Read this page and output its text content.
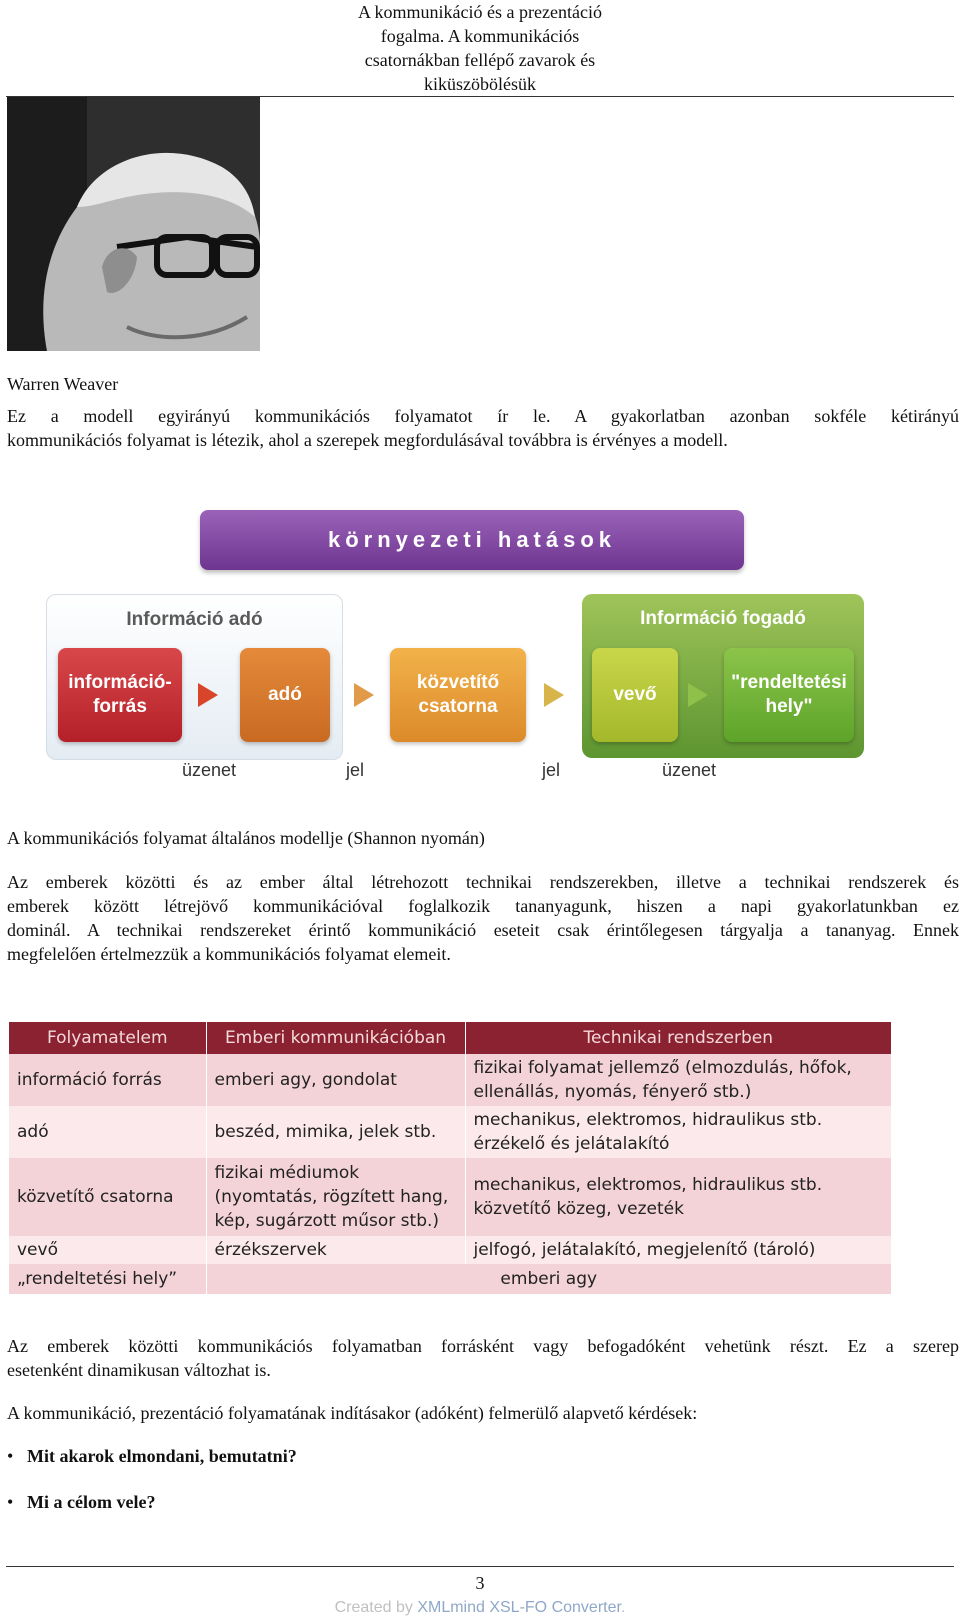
A kommunikáció és a prezentáció
fogalma. A kommunikációs
csatornákban fellépő zavarok és
kiküszöbölésük
Warren Weaver
Ez a modell egyirányú kommunikációs folyamatot ír le. A gyakorlatban azonban sokféle kétirányú
kommunikációs folyamat is létezik, ahol a szerepek megfordulásával továbbra is érvényes a modell.
környezeti hatások
Információ adó	Információ fogadó
információ-
forrás
adó
közvetítő
csatorna
vevő
"rendeltetési
hely"
üzenet	jel	jel	üzenet
A kommunikációs folyamat általános modellje (Shannon nyomán)
Az emberek közötti és az ember által létrehozott technikai rendszerekben, illetve a technikai rendszerek és
emberek között létrejövő kommunikációval foglalkozik tananyagunk, hiszen a napi gyakorlatunkban ez
dominál. A technikai rendszereket érintő kommunikáció eseteit csak érintőlegesen tárgyalja a tananyag. Ennek
megfelelően értelmezzük a kommunikációs folyamat elemeit.
Folyamatelem	Emberi kommunikációban	Technikai rendszerben
információ forrás	emberi agy, gondolat	fizikai folyamat jellemző (elmozdulás, hőfok, ellenállás, nyomás, fényerő stb.)
adó	beszéd, mimika, jelek stb.	mechanikus, elektromos, hidraulikus stb. érzékelő és jelátalakító
közvetítő csatorna	fizikai médiumok (nyomtatás, rögzített hang, kép, sugárzott műsor stb.)	mechanikus, elektromos, hidraulikus stb. közvetítő közeg, vezeték
vevő	érzékszervek	jelfogó, jelátalakító, megjelenítő (tároló)
„rendeltetési hely”	emberi agy	
Az emberek közötti kommunikációs folyamatban forrásként vagy befogadóként vehetünk részt. Ez a szerep
esetenként dinamikusan változhat is.
A kommunikáció, prezentáció folyamatának indításakor (adóként) felmerülő alapvető kérdések:
• Mit akarok elmondani, bemutatni?
• Mi a célom vele?
3
Created by XMLmind XSL-FO Converter.
